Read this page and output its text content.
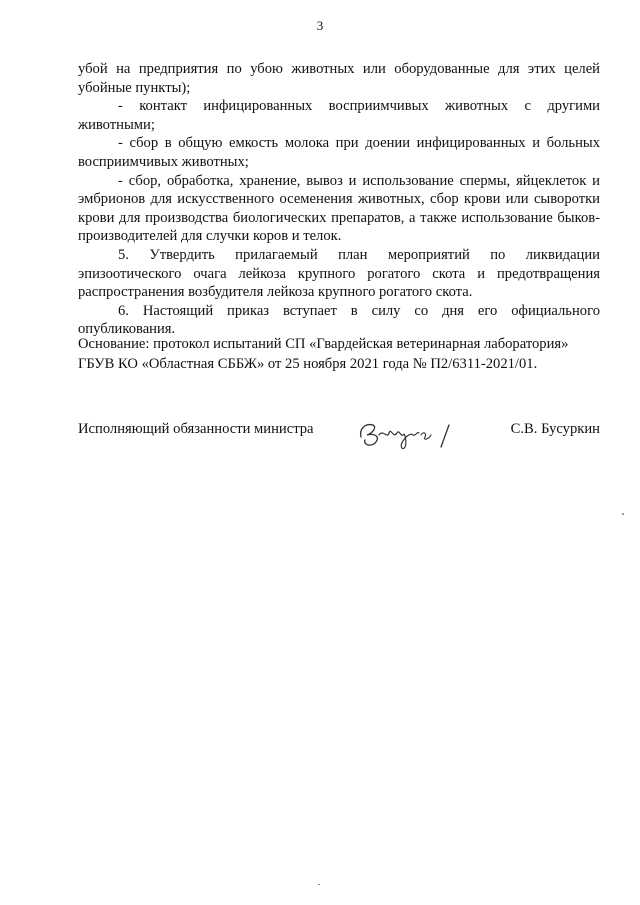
3

убой на предприятия по убою животных или оборудованные для этих целей убойные пункты);

- контакт инфицированных восприимчивых животных с другими животными;

- сбор в общую емкость молока при доении инфицированных и больных восприимчивых животных;

- сбор, обработка, хранение, вывоз и использование спермы, яйцеклеток и эмбрионов для искусственного осеменения животных, сбор крови или сыворотки крови для производства биологических препаратов, а также использование быков-производителей для случки коров и телок.

5. Утвердить прилагаемый план мероприятий по ликвидации эпизоотического очага лейкоза крупного рогатого скота и предотвращения распространения возбудителя лейкоза крупного рогатого скота.

6. Настоящий приказ вступает в силу со дня его официального опубликования.

Основание: протокол испытаний СП «Гвардейская ветеринарная лаборатория» ГБУВ КО «Областная СББЖ» от 25 ноября 2021 года № П2/6311-2021/01.

Исполняющий обязанности министра	С.В. Бусуркин
